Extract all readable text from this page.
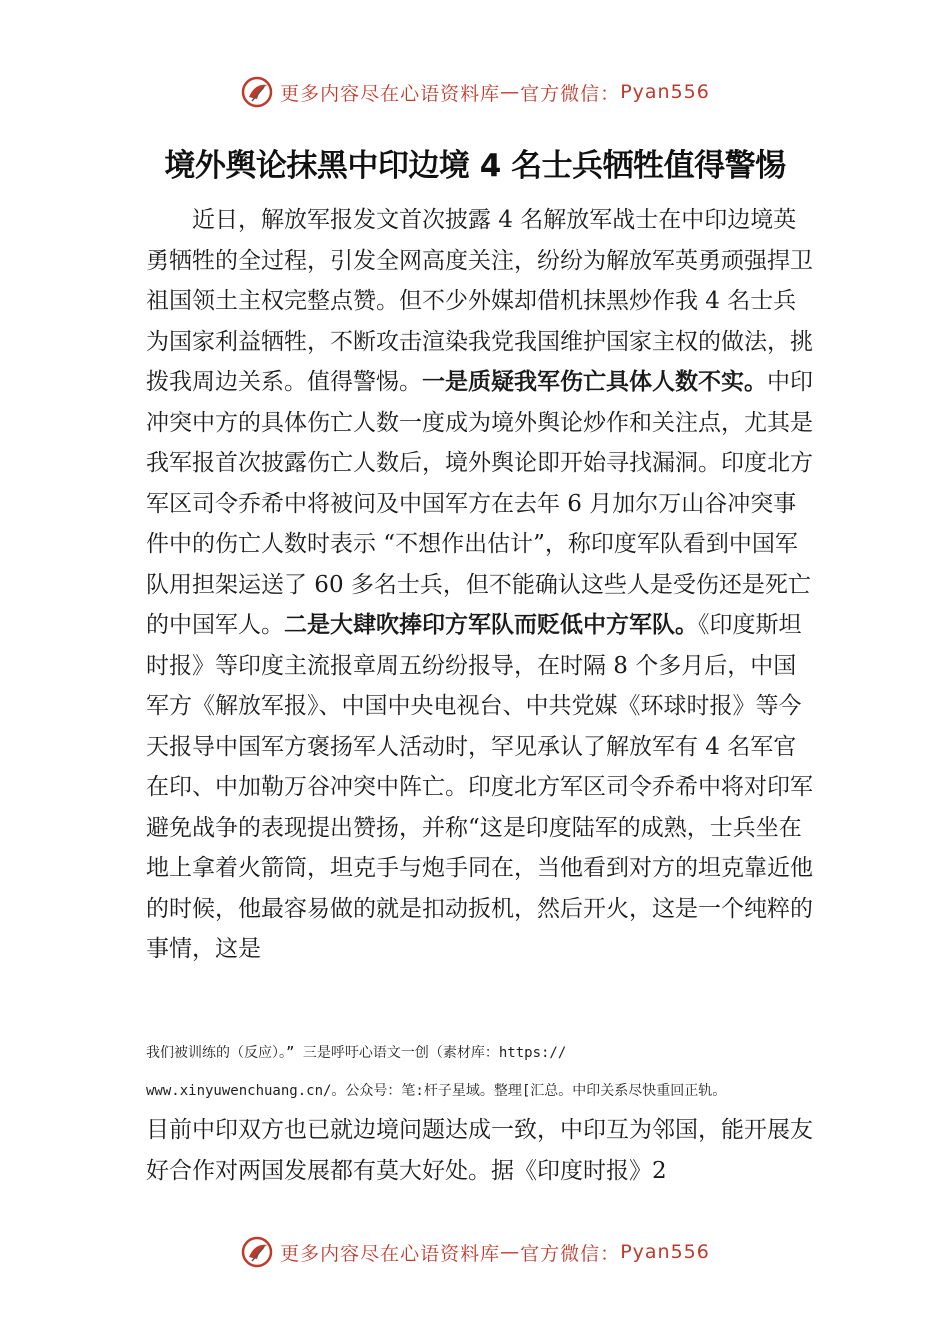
更多内容尽在心语资料库 — 官方微信： Pyan556
境外舆论抹黑中印边境 4 名士兵牺牲值得警惕

近日，解放军报发文首次披露 4 名解放军战士在中印边境英勇牺牲的全过程，引发全网高度关注，纷纷为解放军英勇顽强捍卫祖国领土主权完整点赞。但不少外媒却借机抹黑炒作我 4 名士兵为国家利益牺牲，不断攻击渲染我党我国维护国家主权的做法，挑拨我周边关系。值得警惕。一是质疑我军伤亡具体人数不实。中印冲突中方的具体伤亡人数一度成为境外舆论炒作和关注点，尤其是我军报首次披露伤亡人数后，境外舆论即开始寻找漏洞。印度北方军区司令乔希中将被问及中国军方在去年 6 月加尔万山谷冲突事件中的伤亡人数时表示 “不想作出估计”，称印度军队看到中国军队用担架运送了 60 多名士兵，但不能确认这些人是受伤还是死亡的中国军人。二是大肆吹捧印方军队而贬低中方军队。《印度斯坦时报》等印度主流报章周五纷纷报导，在时隔 8 个多月后，中国军方《解放军报》、中国中央电视台、中共党媒《环球时报》等今天报导中国军方褒扬军人活动时，罕见承认了解放军有 4 名军官在印、中加勒万谷冲突中阵亡。印度北方军区司令乔希中将对印军避免战争的表现提出赞扬，并称“这是印度陆军的成熟，士兵坐在地上拿着火箭筒，坦克手与炮手同在，当他看到对方的坦克靠近他的时候，他最容易做的就是扣动扳机，然后开火，这是一个纯粹的事情，这是

我们被训练的（反应）。” 三是呼吁心语文一创（素材库：https://
www.xinyuwenchuang.cn/。公众号：笔:杆子星域。整理[汇总。中印关系尽快重回正轨。

目前中印双方也已就边境问题达成一致，中印互为邻国，能开展友好合作对两国发展都有莫大好处。据《印度时报》2

更多内容尽在心语资料库 — 官方微信： Pyan556
